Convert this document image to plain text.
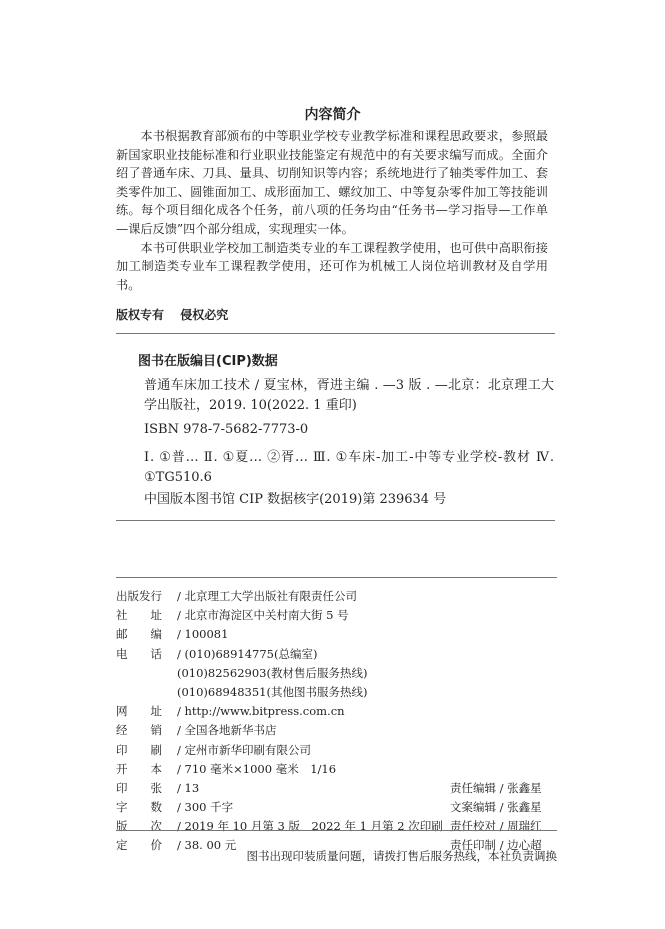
内容简介

本书根据教育部颁布的中等职业学校专业教学标准和课程思政要求，参照最新国家职业技能标准和行业职业技能鉴定有规范中的有关要求编写而成。全面介绍了普通车床、刀具、量具、切削知识等内容；系统地进行了轴类零件加工、套类零件加工、圆锥面加工、成形面加工、螺纹加工、中等复杂零件加工等技能训练。每个项目细化成各个任务，前八项的任务均由“任务书—学习指导—工作单—课后反馈”四个部分组成，实现理实一体。

本书可供职业学校加工制造类专业的车工课程教学使用，也可供中高职衔接加工制造类专业车工课程教学使用，还可作为机械工人岗位培训教材及自学用书。

版权专有 侵权必究
图书在版编目(CIP)数据
普通车床加工技术 / 夏宝林，胥进主编 . —3 版 . —北京：北京理工大学出版社，2019. 10(2022. 1 重印)
ISBN 978-7-5682-7773-0
Ⅰ. ①普… Ⅱ. ①夏… ②胥… Ⅲ. ①车床-加工-中等专业学校-教材 Ⅳ. ①TG510.6
中国版本图书馆 CIP 数据核字(2019)第 239634 号
出版发行	/ 北京理工大学出版社有限责任公司
社　　址	/ 北京市海淀区中关村南大街 5 号
邮　　编	/ 100081
电　　话	/ (010)68914775(总编室)
(010)82562903(教材售后服务热线)
(010)68948351(其他图书服务热线)
网　　址	/ http://www.bitpress.com.cn
经　　销	/ 全国各地新华书店
印　　刷	/ 定州市新华印刷有限公司
开　　本	/ 710 毫米×1000 毫米　1/16
印　　张	/ 13	责任编辑 / 张鑫星
字　　数	/ 300 千字	文案编辑 / 张鑫星
版　　次	/ 2019 年 10 月第 3 版　2022 年 1 月第 2 次印刷 责任校对 / 周瑞红
定　　价	/ 38. 00 元	责任印制 / 边心超
图书出现印装质量问题，请拨打售后服务热线，本社负责调换
